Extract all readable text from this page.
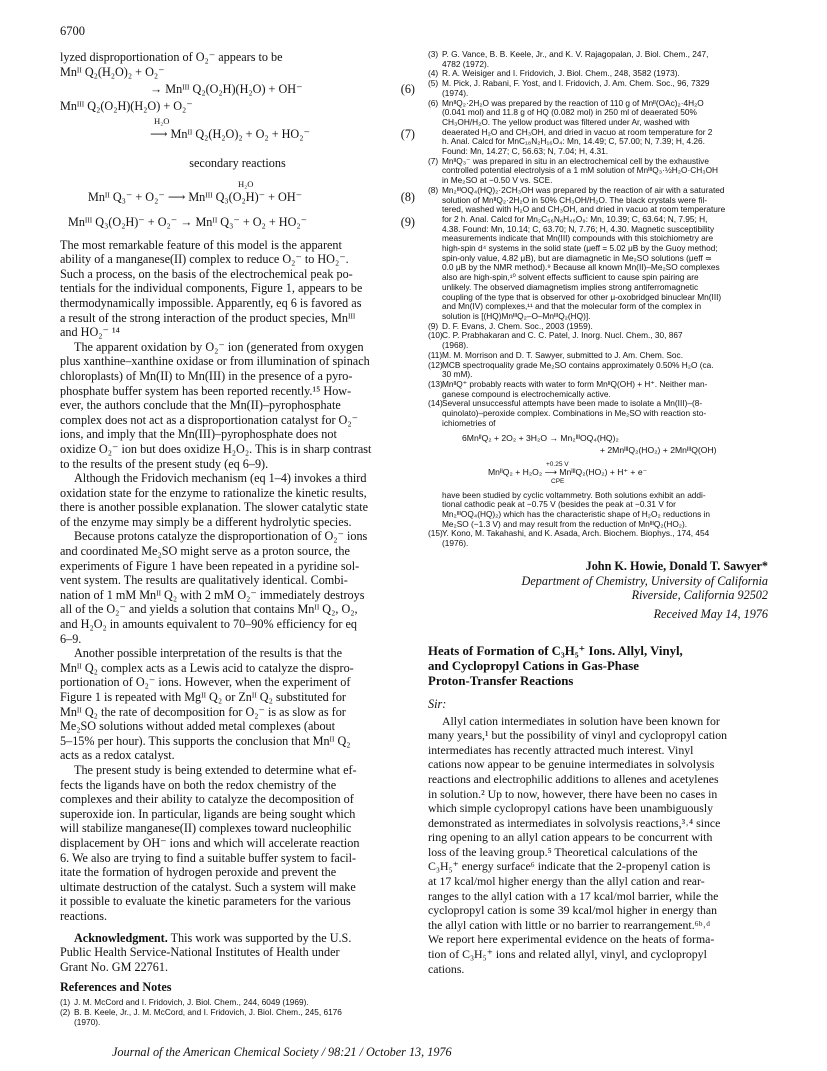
6700
lyzed disproportionation of O₂⁻ appears to be
Mnᴵᴵ Q₂(H₂O)₂ + O₂⁻
→ Mnᴵᴵᴵ Q₂(O₂H)(H₂O) + OH⁻	(6)
Mnᴵᴵᴵ Q₂(O₂H)(H₂O) + O₂⁻
H₂O
⟶ Mnᴵᴵ Q₂(H₂O)₂ + O₂ + HO₂⁻	(7)
secondary reactions
H₂O
Mnᴵᴵ Q₃⁻ + O₂⁻ ⟶ Mnᴵᴵᴵ Q₃(O₂H)⁻ + OH⁻	(8)
Mnᴵᴵᴵ Q₃(O₂H)⁻ + O₂⁻ → Mnᴵᴵ Q₃⁻ + O₂ + HO₂⁻	(9)
The most remarkable feature of this model is the apparent
ability of a manganese(II) complex to reduce O₂⁻ to HO₂⁻.
Such a process, on the basis of the electrochemical peak po-
tentials for the individual components, Figure 1, appears to be
thermodynamically impossible. Apparently, eq 6 is favored as
a result of the strong interaction of the product species, Mnᴵᴵᴵ
and HO₂⁻ ¹⁴
The apparent oxidation by O₂⁻ ion (generated from oxygen
plus xanthine–xanthine oxidase or from illumination of spinach
chloroplasts) of Mn(II) to Mn(III) in the presence of a pyro-
phosphate buffer system has been reported recently.¹⁵ How-
ever, the authors conclude that the Mn(II)–pyrophosphate
complex does not act as a disproportionation catalyst for O₂⁻
ions, and imply that the Mn(III)–pyrophosphate does not
oxidize O₂⁻ ion but does oxidize H₂O₂. This is in sharp contrast
to the results of the present study (eq 6–9).
Although the Fridovich mechanism (eq 1–4) invokes a third
oxidation state for the enzyme to rationalize the kinetic results,
there is another possible explanation. The slower catalytic state
of the enzyme may simply be a different hydrolytic species.
Because protons catalyze the disproportionation of O₂⁻ ions
and coordinated Me₂SO might serve as a proton source, the
experiments of Figure 1 have been repeated in a pyridine sol-
vent system. The results are qualitatively identical. Combi-
nation of 1 mM Mnᴵᴵ Q₂ with 2 mM O₂⁻ immediately destroys
all of the O₂⁻ and yields a solution that contains Mnᴵᴵ Q₂, O₂,
and H₂O₂ in amounts equivalent to 70–90% efficiency for eq
6–9.
Another possible interpretation of the results is that the
Mnᴵᴵ Q₂ complex acts as a Lewis acid to catalyze the dispro-
portionation of O₂⁻ ions. However, when the experiment of
Figure 1 is repeated with Mgᴵᴵ Q₂ or Znᴵᴵ Q₂ substituted for
Mnᴵᴵ Q₂ the rate of decomposition for O₂⁻ is as slow as for
Me₂SO solutions without added metal complexes (about
5–15% per hour). This supports the conclusion that Mnᴵᴵ Q₂
acts as a redox catalyst.
The present study is being extended to determine what ef-
fects the ligands have on both the redox chemistry of the
complexes and their ability to catalyze the decomposition of
superoxide ion. In particular, ligands are being sought which
will stabilize manganese(II) complexes toward nucleophilic
displacement by OH⁻ ions and which will accelerate reaction
6. We also are trying to find a suitable buffer system to facil-
itate the formation of hydrogen peroxide and prevent the
ultimate destruction of the catalyst. Such a system will make
it possible to evaluate the kinetic parameters for the various
reactions.
Acknowledgment. This work was supported by the U.S.
Public Health Service-National Institutes of Health under
Grant No. GM 22761.
References and Notes
(1) J. M. McCord and I. Fridovich, J. Biol. Chem., 244, 6049 (1969).
(2) B. B. Keele, Jr., J. M. McCord, and I. Fridovich, J. Biol. Chem., 245, 6176
(1970).
(3) P. G. Vance, B. B. Keele, Jr., and K. V. Rajagopalan, J. Biol. Chem., 247,
4782 (1972).
(4) R. A. Weisiger and I. Fridovich, J. Biol. Chem., 248, 3582 (1973).
(5) M. Pick, J. Rabani, F. Yost, and I. Fridovich, J. Am. Chem. Soc., 96, 7329
(1974).
(6) MnᴵᴵQ₂·2H₂O was prepared by the reaction of 110 g of Mnᴵᴵ(OAc)₂·4H₂O
(0.041 mol) and 11.8 g of HQ (0.082 mol) in 250 ml of deaerated 50%
CH₃OH/H₂O. The yellow product was filtered under Ar, washed with
deaerated H₂O and CH₃OH, and dried in vacuo at room temperature for 2
h. Anal. Calcd for MnC₁₈N₂H₁₆O₄: Mn, 14.49; C, 57.00; N, 7.39; H, 4.26.
Found: Mn, 14.27; C, 56.63; N, 7.04; H, 4.31.
(7) MnᴵᴵQ₃⁻ was prepared in situ in an electrochemical cell by the exhaustive
controlled potential electrolysis of a 1 mM solution of MnᴵᴵᴵQ₃·½H₂O·CH₃OH
in Me₂SO at −0.50 V vs. SCE.
(8) Mn₂ᴵᴵᴵOQ₄(HQ)₂·2CH₃OH was prepared by the reaction of air with a saturated
solution of MnᴵᴵQ₂·2H₂O in 50% CH₃OH/H₂O. The black crystals were fil-
tered, washed with H₂O and CH₃OH, and dried in vacuo at room temperature
for 2 h. Anal. Calcd for Mn₂C₅₆N₆H₄₆O₉: Mn, 10.39; C, 63.64; N, 7.95; H,
4.38. Found: Mn, 10.14; C, 63.70; N, 7.76; H, 4.30. Magnetic susceptibility
measurements indicate that Mn(III) compounds with this stoichiometry are
high-spin d⁴ systems in the solid state (μeff = 5.02 μB by the Guoy method;
spin-only value, 4.82 μB), but are diamagnetic in Me₂SO solutions (μeff ≃
0.0 μB by the NMR method).⁹ Because all known Mn(II)–Me₂SO complexes
also are high-spin,¹⁰ solvent effects sufficient to cause spin pairing are
unlikely. The observed diamagnetism implies strong antiferromagnetic
coupling of the type that is observed for other μ-oxobridged binuclear Mn(III)
and Mn(IV) complexes,¹¹ and that the molecular form of the complex in
solution is [(HQ)MnᴵᴵᴵQ₂–O–MnᴵᴵᴵQ₂(HQ)].
(9) D. F. Evans, J. Chem. Soc., 2003 (1959).
(10)C. P. Prabhakaran and C. C. Patel, J. Inorg. Nucl. Chem., 30, 867
(1968).
(11)M. M. Morrison and D. T. Sawyer, submitted to J. Am. Chem. Soc.
(12)MCB spectroquality grade Me₂SO contains approximately 0.50% H₂O (ca.
30 mM).
(13)MnᴵᴵQ⁺ probably reacts with water to form MnᴵᴵQ(OH) + H⁺. Neither man-
ganese compound is electrochemically active.
(14)Several unsuccessful attempts have been made to isolate a Mn(III)–(8-
quinolato)–peroxide complex. Combinations in Me₂SO with reaction sto-
ichiometries of
6MnᴵᴵQ₂ + 2O₂ + 3H₂O → Mn₂ᴵᴵᴵOQ₄(HQ)₂
+ 2MnᴵᴵᴵQ₂(HO₂) + 2MnᴵᴵᴵQ(OH)
+0.25 V
MnᴵᴵQ₂ + H₂O₂ ⟶ MnᴵᴵᴵQ₂(HO₂) + H⁺ + e⁻
CPE
have been studied by cyclic voltammetry. Both solutions exhibit an addi-
tional cathodic peak at −0.75 V (besides the peak at −0.31 V for
Mn₂ᴵᴵᴵOQ₄(HQ)₂) which has the characteristic shape of H₂O₂ reductions in
Me₂SO (−1.3 V) and may result from the reduction of MnᴵᴵᴵQ₂(HO₂).
(15)Y. Kono, M. Takahashi, and K. Asada, Arch. Biochem. Biophys., 174, 454
(1976).
John K. Howie, Donald T. Sawyer*
Department of Chemistry, University of California
Riverside, California 92502
Received May 14, 1976
Heats of Formation of C₃H₅⁺ Ions. Allyl, Vinyl,
and Cyclopropyl Cations in Gas-Phase
Proton-Transfer Reactions
Sir:
Allyl cation intermediates in solution have been known for
many years,¹ but the possibility of vinyl and cyclopropyl cation
intermediates has recently attracted much interest. Vinyl
cations now appear to be genuine intermediates in solvolysis
reactions and electrophilic additions to allenes and acetylenes
in solution.² Up to now, however, there have been no cases in
which simple cyclopropyl cations have been unambiguously
demonstrated as intermediates in solvolysis reactions,³˒⁴ since
ring opening to an allyl cation appears to be concurrent with
loss of the leaving group.⁵ Theoretical calculations of the
C₃H₅⁺ energy surface⁶ indicate that the 2-propenyl cation is
at 17 kcal/mol higher energy than the allyl cation and rear-
ranges to the allyl cation with a 17 kcal/mol barrier, while the
cyclopropyl cation is some 39 kcal/mol higher in energy than
the allyl cation with little or no barrier to rearrangement.⁶ᵇ˒ᵈ
We report here experimental evidence on the heats of forma-
tion of C₃H₅⁺ ions and related allyl, vinyl, and cyclopropyl
cations.
Journal of the American Chemical Society / 98:21 / October 13, 1976
